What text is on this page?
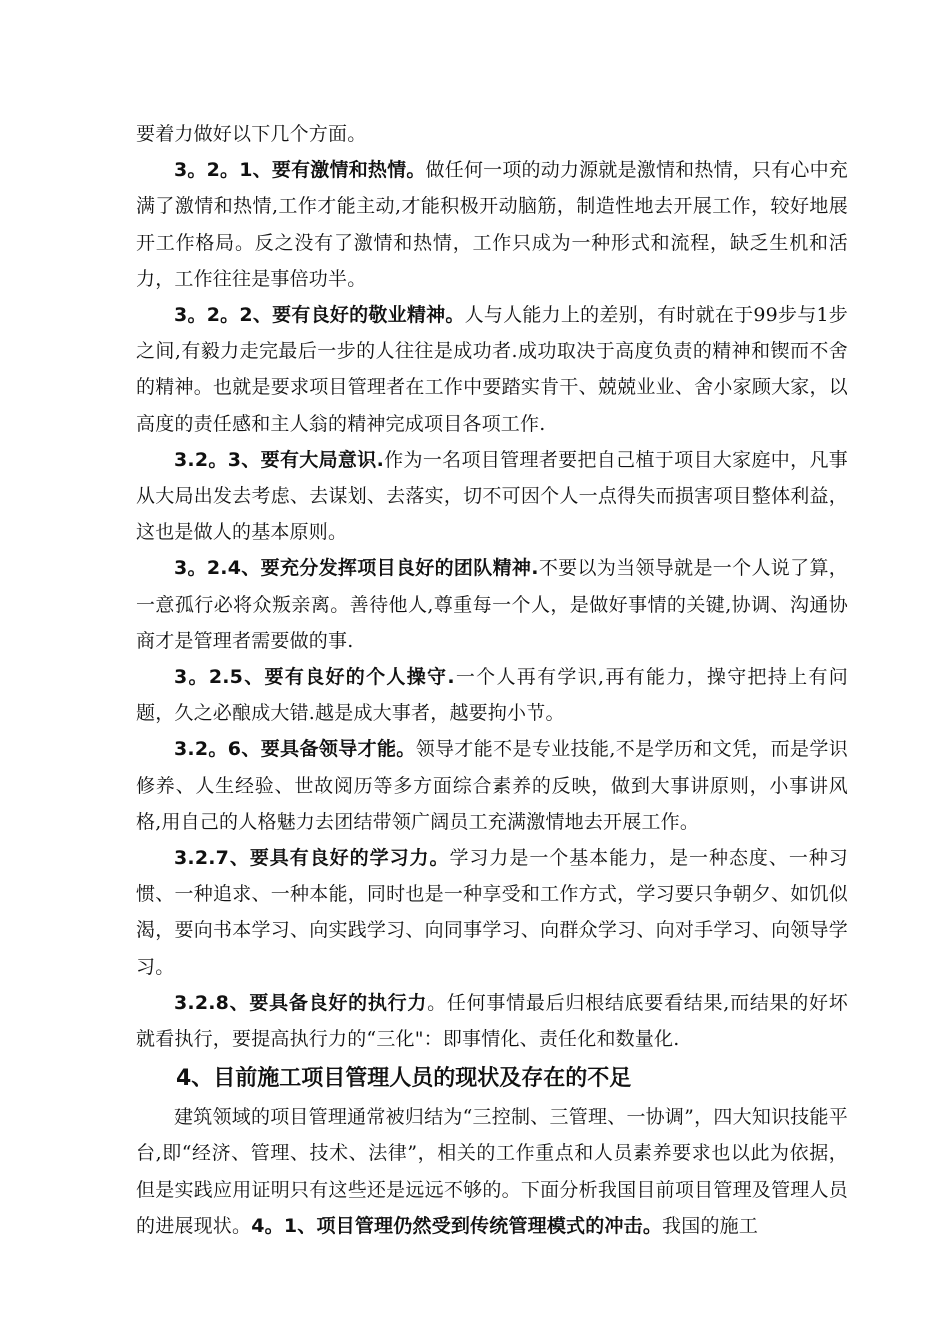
要着力做好以下几个方面。

3。2。1、要有激情和热情。做任何一项的动力源就是激情和热情，只有心中充满了激情和热情,工作才能主动,才能积极开动脑筋，制造性地去开展工作，较好地展开工作格局。反之没有了激情和热情，工作只成为一种形式和流程，缺乏生机和活力，工作往往是事倍功半。

3。2。2、要有良好的敬业精神。人与人能力上的差别，有时就在于99步与1步之间,有毅力走完最后一步的人往往是成功者.成功取决于高度负责的精神和锲而不舍的精神。也就是要求项目管理者在工作中要踏实肯干、兢兢业业、舍小家顾大家，以高度的责任感和主人翁的精神完成项目各项工作.

3.2。3、要有大局意识.作为一名项目管理者要把自己植于项目大家庭中，凡事从大局出发去考虑、去谋划、去落实，切不可因个人一点得失而损害项目整体利益，这也是做人的基本原则。

3。2.4、要充分发挥项目良好的团队精神.不要以为当领导就是一个人说了算，一意孤行必将众叛亲离。善待他人,尊重每一个人，是做好事情的关键,协调、沟通协商才是管理者需要做的事.

3。2.5、要有良好的个人操守.一个人再有学识,再有能力，操守把持上有问题，久之必酿成大错.越是成大事者，越要拘小节。

3.2。6、要具备领导才能。领导才能不是专业技能,不是学历和文凭，而是学识修养、人生经验、世故阅历等多方面综合素养的反映，做到大事讲原则，小事讲风格,用自己的人格魅力去团结带领广阔员工充满激情地去开展工作。

3.2.7、要具有良好的学习力。学习力是一个基本能力，是一种态度、一种习惯、一种追求、一种本能，同时也是一种享受和工作方式，学习要只争朝夕、如饥似渴，要向书本学习、向实践学习、向同事学习、向群众学习、向对手学习、向领导学习。

3.2.8、要具备良好的执行力。任何事情最后归根结底要看结果,而结果的好坏就看执行，要提高执行力的“三化"：即事情化、责任化和数量化.

4、目前施工项目管理人员的现状及存在的不足

建筑领域的项目管理通常被归结为“三控制、三管理、一协调”，四大知识技能平台,即“经济、管理、技术、法律”，相关的工作重点和人员素养要求也以此为依据，但是实践应用证明只有这些还是远远不够的。下面分析我国目前项目管理及管理人员的进展现状。4。1、项目管理仍然受到传统管理模式的冲击。我国的施工
